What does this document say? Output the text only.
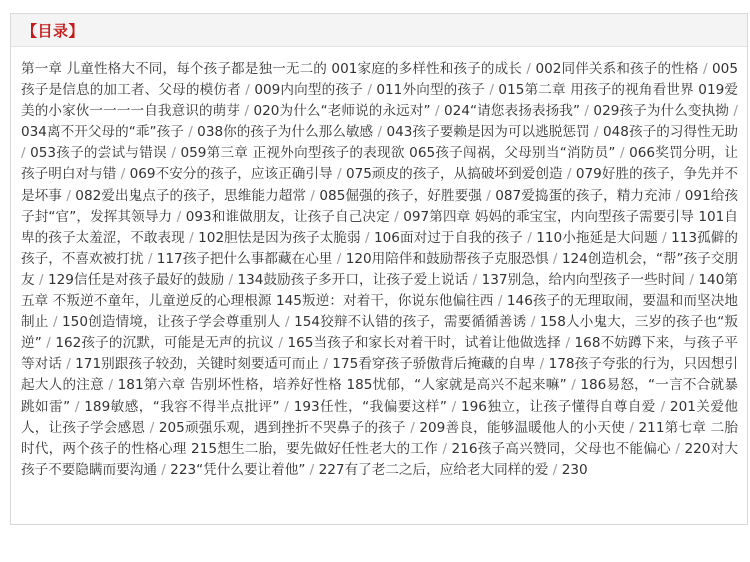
【目录】
第一章 儿童性格大不同，每个孩子都是独一无二的 001家庭的多样性和孩子的成长 / 002同伴关系和孩子的性格 / 005孩子是信息的加工者、父母的模仿者 / 009内向型的孩子 / 011外向型的孩子 / 015第二章 用孩子的视角看世界 019爱美的小家伙一一一一自我意识的萌芽 / 020为什么“老师说的永远对” / 024“请您表扬表扬我” / 029孩子为什么变执拗 / 034离不开父母的“乖”孩子 / 038你的孩子为什么那么敏感 / 043孩子要赖是因为可以逃脱惩罚 / 048孩子的习得性无助 / 053孩子的尝试与错误 / 059第三章 正视外向型孩子的表现欲 065孩子闯祸，父母别当“消防员” / 066奖罚分明，让孩子明白对与错 / 069不安分的孩子，应该正确引导 / 075顽皮的孩子，从搞破坏到爱创造 / 079好胜的孩子，争先并不是坏事 / 082爱出鬼点子的孩子，思维能力超常 / 085倔强的孩子，好胜要强 / 087爱捣蛋的孩子，精力充沛 / 091给孩子封“官”，发挥其领导力 / 093和谁做朋友，让孩子自己决定 / 097第四章 妈妈的乖宝宝，内向型孩子需要引导 101自卑的孩子太羞涩，不敢表现 / 102胆怯是因为孩子太脆弱 / 106面对过于自我的孩子 / 110小拖延是大问题 / 113孤僻的孩子，不喜欢被打扰 / 117孩子把什么事都藏在心里 / 120用陪伴和鼓励帮孩子克服恐惧 / 124创造机会，“帮”孩子交朋友 / 129信任是对孩子最好的鼓励 / 134鼓励孩子多开口，让孩子爱上说话 / 137别急，给内向型孩子一些时间 / 140第五章 不叛逆不童年，儿童逆反的心理根源 145叛逆：对着干，你说东他偏往西 / 146孩子的无理取闹，要温和而坚决地制止 / 150创造情境，让孩子学会尊重别人 / 154狡辩不认错的孩子，需要循循善诱 / 158人小鬼大，三岁的孩子也“叛逆” / 162孩子的沉默，可能是无声的抗议 / 165当孩子和家长对着干时，试着让他做选择 / 168不妨蹲下来，与孩子平等对话 / 171别跟孩子较劲，关键时刻要适可而止 / 175看穿孩子骄傲背后掩藏的自卑 / 178孩子夸张的行为，只因想引起大人的注意 / 181第六章 告别坏性格，培养好性格 185忧郁，“人家就是高兴不起来嘛” / 186易怒，“一言不合就暴跳如雷” / 189敏感，“我容不得半点批评” / 193任性，“我偏要这样” / 196独立，让孩子懂得自尊自爱 / 201关爱他人，让孩子学会感恩 / 205顽强乐观，遇到挫折不哭鼻子的孩子 / 209善良，能够温暖他人的小天使 / 211第七章 二胎时代，两个孩子的性格心理 215想生二胎，要先做好任性老大的工作 / 216孩子高兴赞同，父母也不能偏心 / 220对大孩子不要隐瞒而要沟通 / 223“凭什么要让着他” / 227有了老二之后，应给老大同样的爱 / 230
